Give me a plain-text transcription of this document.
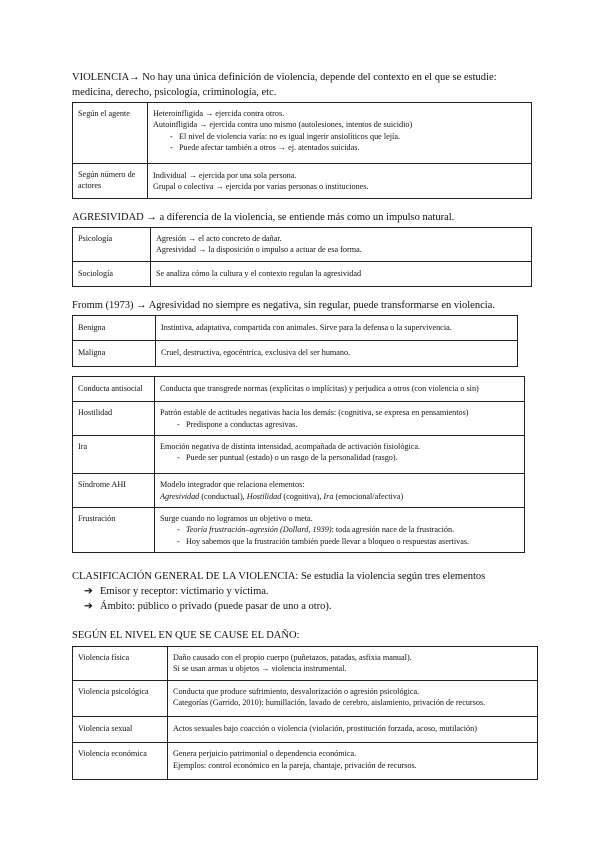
VIOLENCIA→ No hay una única definición de violencia, depende del contexto en el que se estudie:
medicina, derecho, psicología, criminología, etc.
Según el agente	Heteroinfligida → ejercida contra otros.
Autoinfligida → ejercida contra uno mismo (autolesiones, intentos de suicidio)
- El nivel de violencia varía: no es igual ingerir ansiolíticos que lejía.
- Puede afectar también a otros → ej. atentados suicidas.

Según número de actores	Individual → ejercida por una sola persona.
Grupal o colectiva → ejercida por varias personas o instituciones.
AGRESIVIDAD → a diferencia de la violencia, se entiende más como un impulso natural.
Psicología	Agresión → el acto concreto de dañar.
Agresividad → la disposición o impulso a actuar de esa forma.

Sociología	Se analiza cómo la cultura y el contexto regulan la agresividad
Fromm (1973) → Agresividad no siempre es negativa, sin regular, puede transformarse en violencia.
Benigna	Instintiva, adaptativa, compartida con animales. Sirve para la defensa o la supervivencia.
Maligna	Cruel, destructiva, egocéntrica, exclusiva del ser humano.
Conducta antisocial	Conducta que transgrede normas (explícitas o implícitas) y perjudica a otros (con violencia o sin)

Hostilidad	Patrón estable de actitudes negativas hacia los demás: (cognitiva, se expresa en pensamientos)
- Predispone a conductas agresivas.

Ira	Emoción negativa de distinta intensidad, acompañada de activación fisiológica.
- Puede ser puntual (estado) o un rasgo de la personalidad (rasgo).

Síndrome AHI	Modelo integrador que relaciona elementos:
Agresividad (conductual), Hostilidad (cognitiva), Ira (emocional/afectiva)

Frustración	Surge cuando no logramos un objetivo o meta.
- Teoría frustración–agresión (Dollard, 1939): toda agresión nace de la frustración.
- Hoy sabemos que la frustración también puede llevar a bloqueo o respuestas asertivas.
CLASIFICACIÓN GENERAL DE LA VIOLENCIA: Se estudia la violencia según tres elementos
➔ Emisor y receptor: victimario y víctima.
➔ Ámbito: público o privado (puede pasar de uno a otro).
SEGÚN EL NIVEL EN QUE SE CAUSE EL DAÑO:
Violencia física	Daño causado con el propio cuerpo (puñetazos, patadas, asfixia manual).
Si se usan armas u objetos → violencia instrumental.

Violencia psicológica	Conducta que produce sufrimiento, desvalorización o agresión psicológica.
Categorías (Garrido, 2010): humillación, lavado de cerebro, aislamiento, privación de recursos.

Violencia sexual	Actos sexuales bajo coacción o violencia (violación, prostitución forzada, acoso, mutilación)

Violencia económica	Genera perjuicio patrimonial o dependencia económica.
Ejemplos: control económico en la pareja, chantaje, privación de recursos.
